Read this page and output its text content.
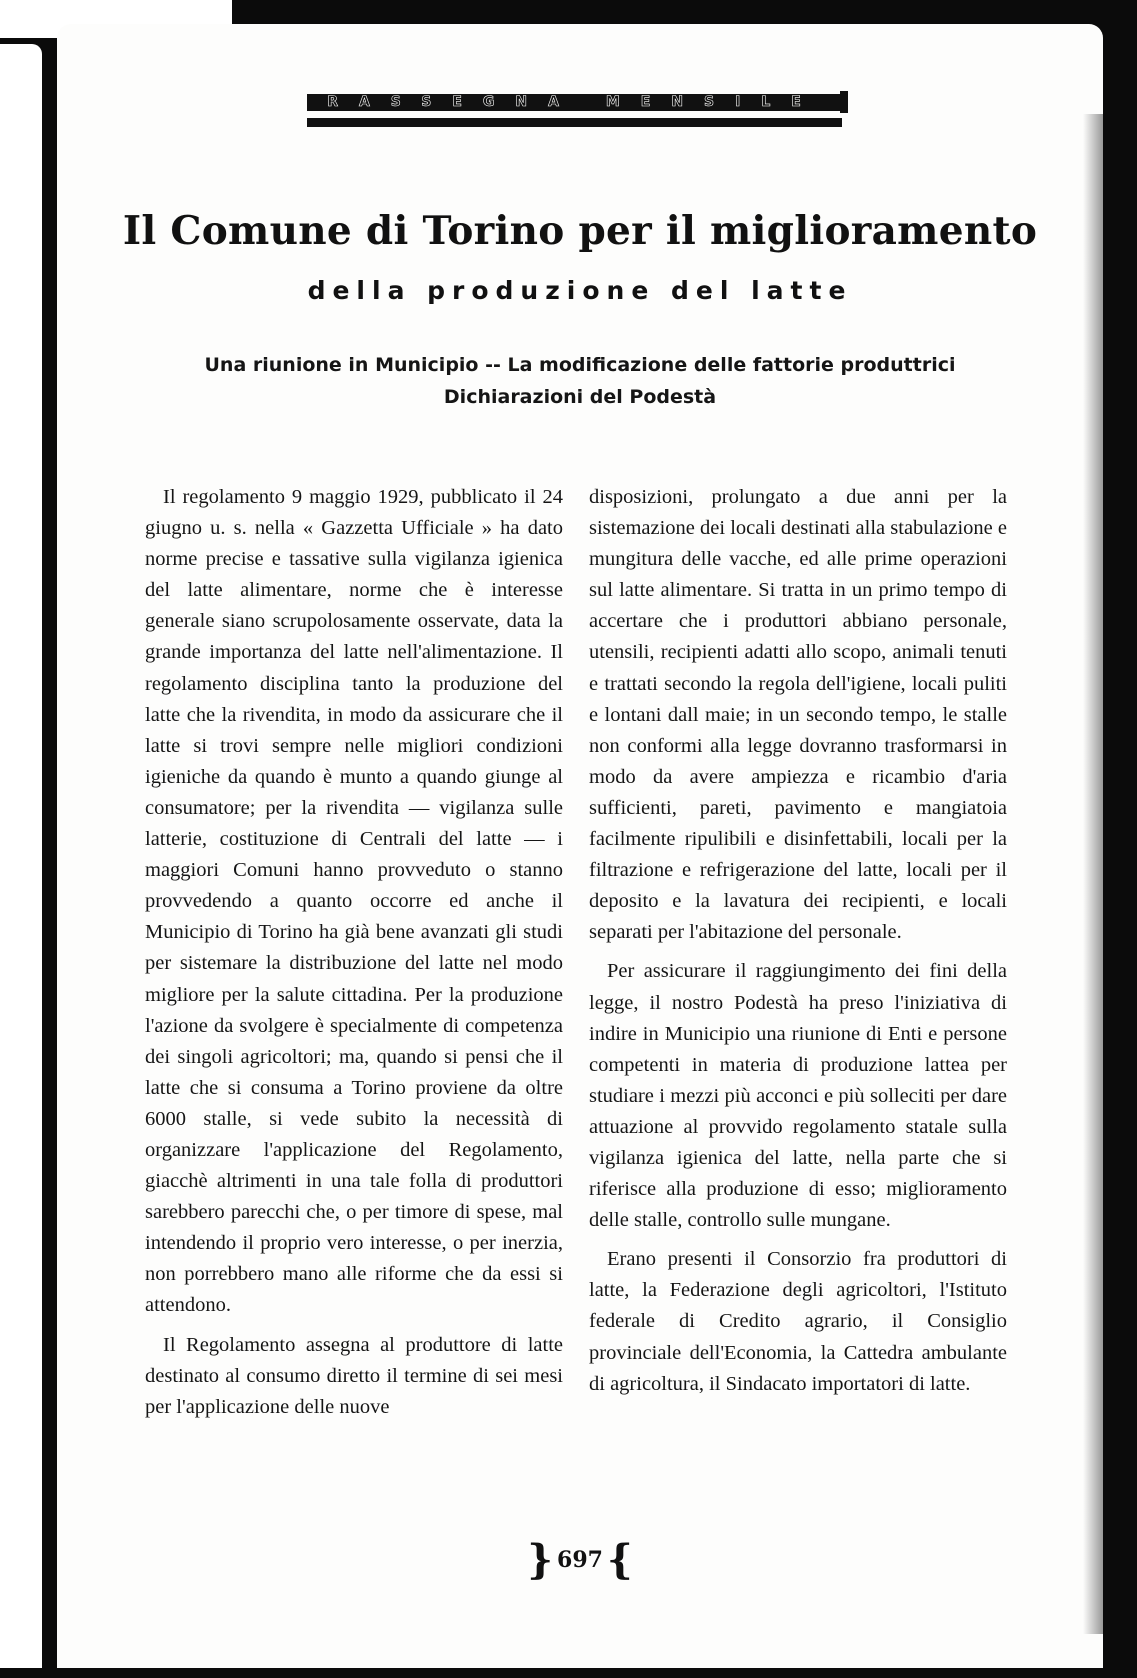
RASSEGNA MENSILE
Il Comune di Torino per il miglioramento
della produzione del latte

Una riunione in Municipio -- La modificazione delle fattorie produttrici

Dichiarazioni del Podestà

Il regolamento 9 maggio 1929, pubblicato il 24 giugno u. s. nella « Gazzetta Ufficiale » ha dato norme precise e tassative sulla vigilanza igienica del latte alimentare, norme che è interesse generale siano scrupolosamente osservate, data la grande importanza del latte nell'alimentazione. Il regolamento disciplina tanto la produzione del latte che la rivendita, in modo da assicurare che il latte si trovi sempre nelle migliori condizioni igieniche da quando è munto a quando giunge al consumatore; per la rivendita — vigilanza sulle latterie, costituzione di Centrali del latte — i maggiori Comuni hanno provveduto o stanno provvedendo a quanto occorre ed anche il Municipio di Torino ha già bene avanzati gli studi per sistemare la distribuzione del latte nel modo migliore per la salute cittadina. Per la produzione l'azione da svolgere è specialmente di competenza dei singoli agricoltori; ma, quando si pensi che il latte che si consuma a Torino proviene da oltre 6000 stalle, si vede subito la necessità di organizzare l'applicazione del Regolamento, giacchè altrimenti in una tale folla di produttori sarebbero parecchi che, o per timore di spese, mal intendendo il proprio vero interesse, o per inerzia, non porrebbero mano alle riforme che da essi si attendono.

Il Regolamento assegna al produttore di latte destinato al consumo diretto il termine di sei mesi per l'applicazione delle nuove

disposizioni, prolungato a due anni per la sistemazione dei locali destinati alla stabulazione e mungitura delle vacche, ed alle prime operazioni sul latte alimentare. Si tratta in un primo tempo di accertare che i produttori abbiano personale, utensili, recipienti adatti allo scopo, animali tenuti e trattati secondo la regola dell'igiene, locali puliti e lontani dall maie; in un secondo tempo, le stalle non conformi alla legge dovranno trasformarsi in modo da avere ampiezza e ricambio d'aria sufficienti, pareti, pavimento e mangiatoia facilmente ripulibili e disinfettabili, locali per la filtrazione e refrigerazione del latte, locali per il deposito e la lavatura dei recipienti, e locali separati per l'abitazione del personale.

Per assicurare il raggiungimento dei fini della legge, il nostro Podestà ha preso l'iniziativa di indire in Municipio una riunione di Enti e persone competenti in materia di produzione lattea per studiare i mezzi più acconci e più solleciti per dare attuazione al provvido regolamento statale sulla vigilanza igienica del latte, nella parte che si riferisce alla produzione di esso; miglioramento delle stalle, controllo sulle mungane.

Erano presenti il Consorzio fra produttori di latte, la Federazione degli agricoltori, l'Istituto federale di Credito agrario, il Consiglio provinciale dell'Economia, la Cattedra ambulante di agricoltura, il Sindacato importatori di latte.

} 697 {
